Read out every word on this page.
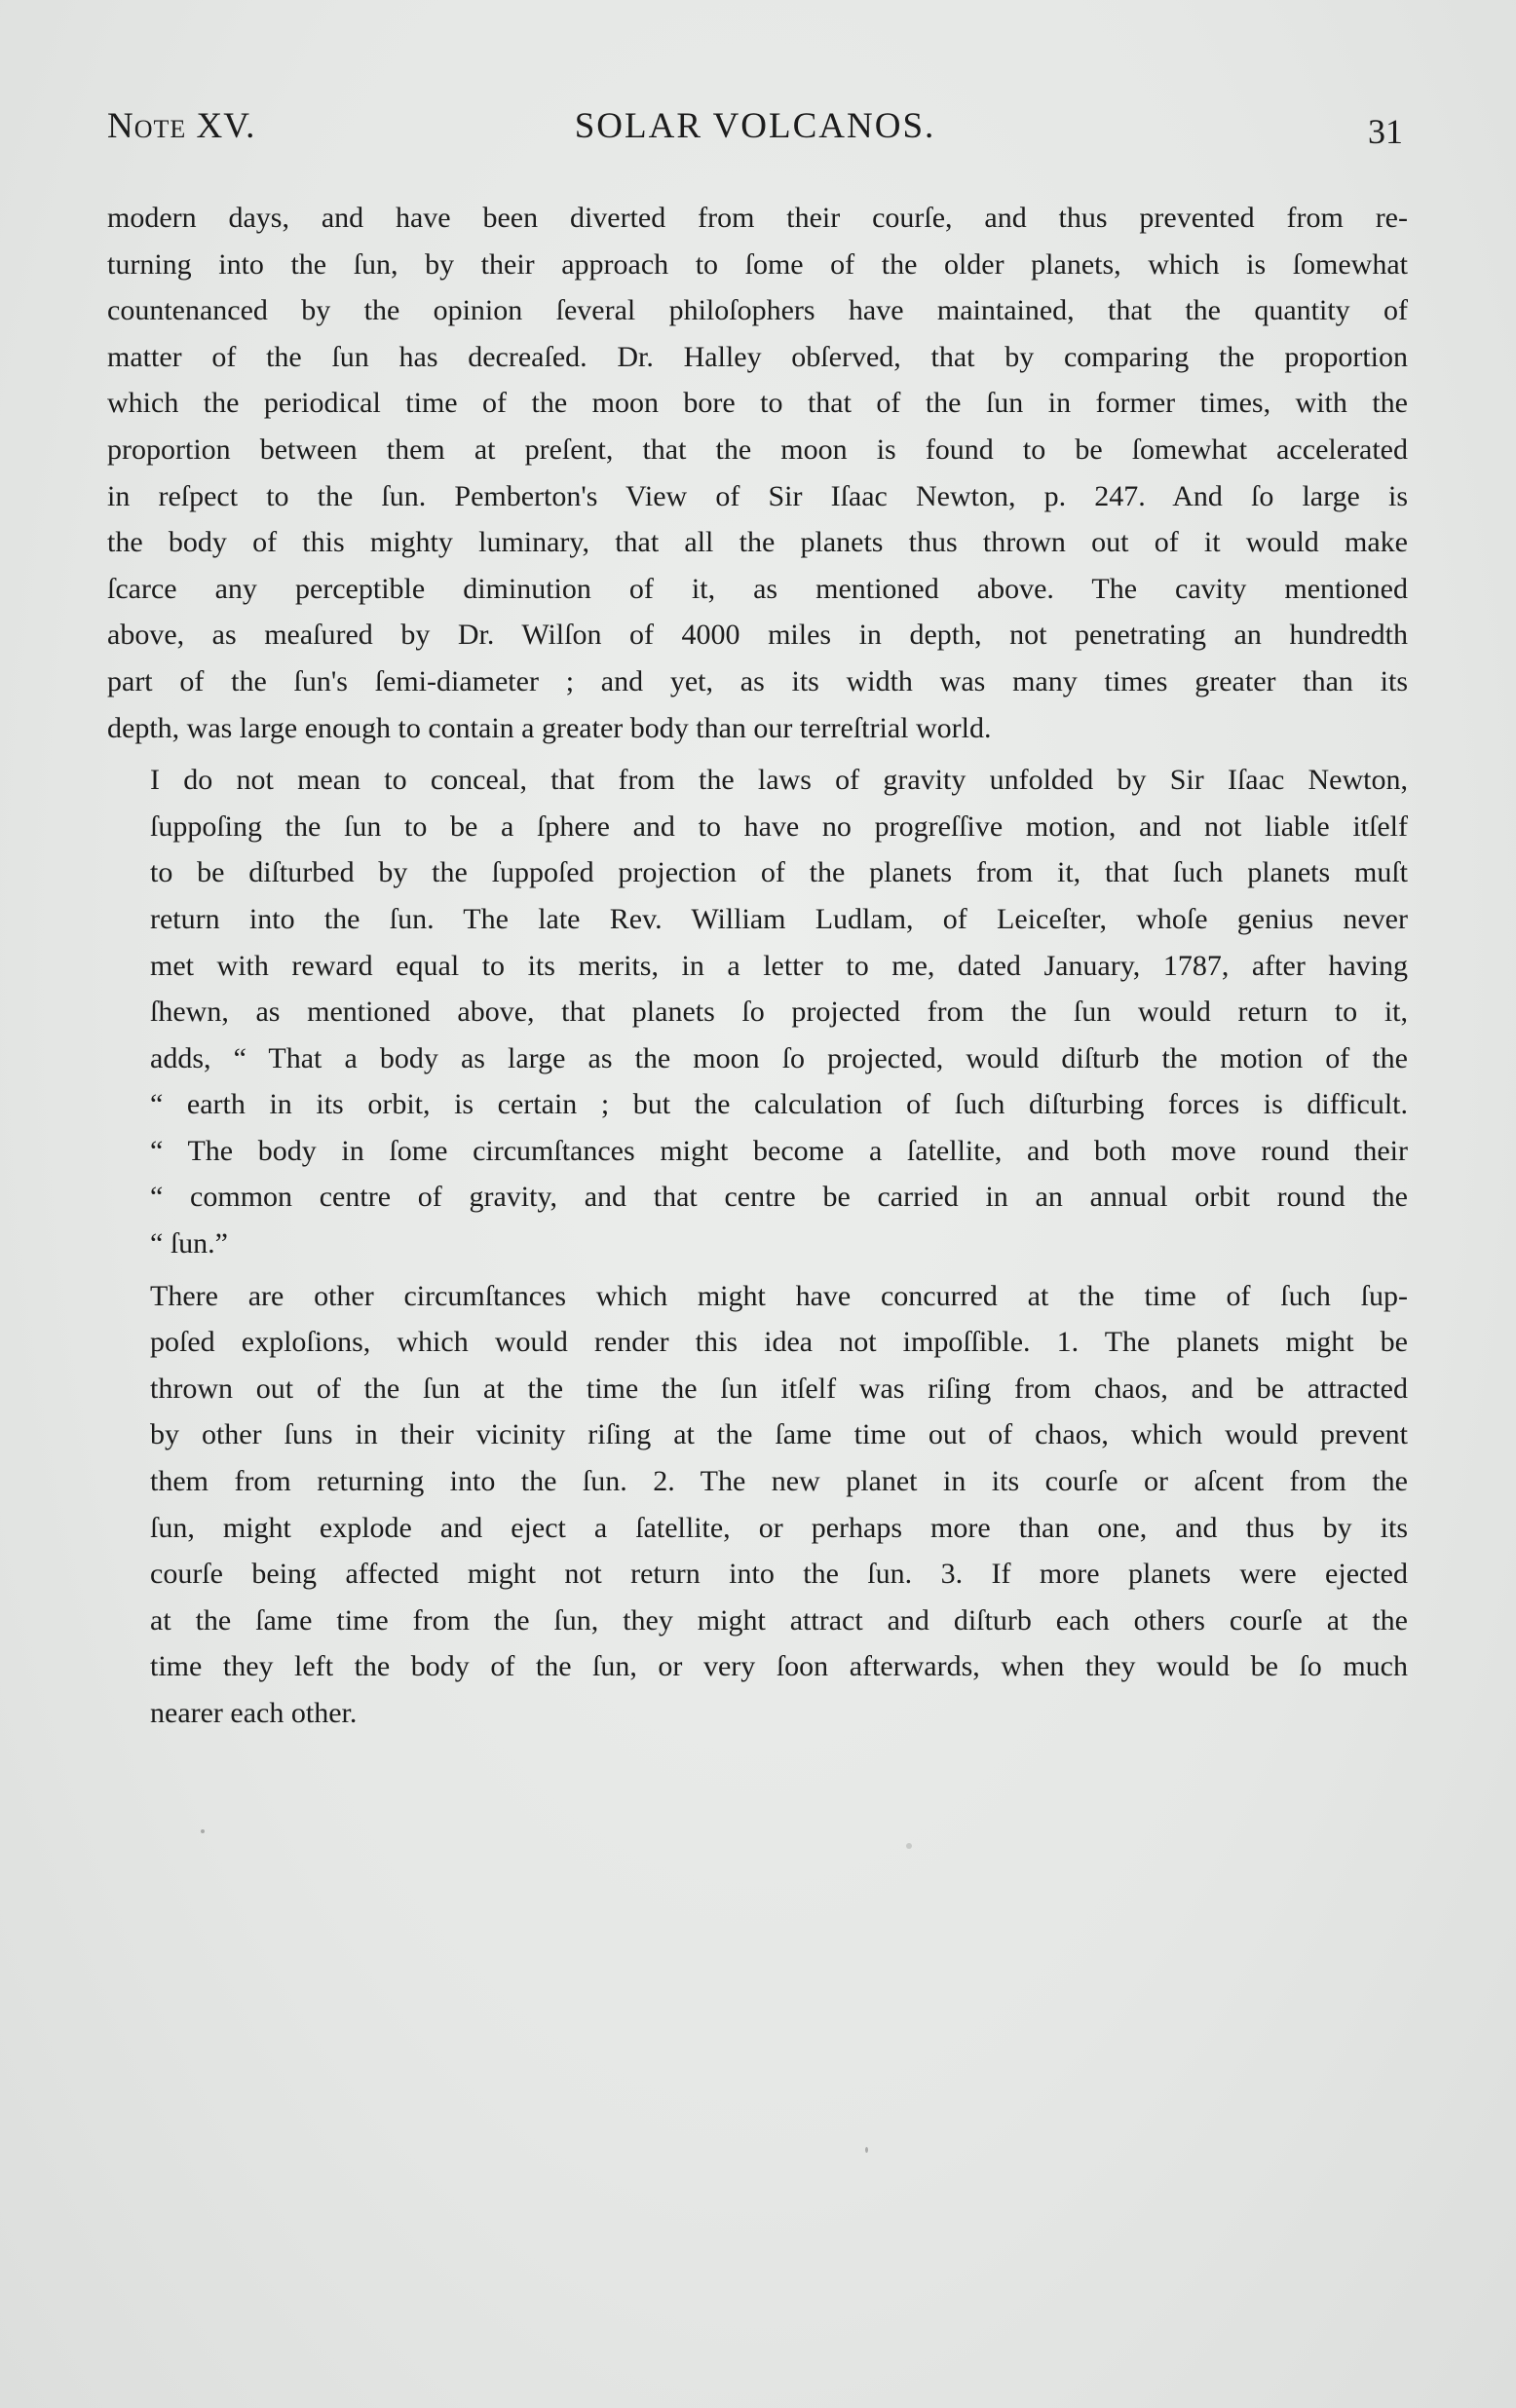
Note XV.	SOLAR VOLCANOS.	31

modern days, and have been diverted from their courſe, and thus prevented from re-
turning into the ſun, by their approach to ſome of the older planets, which is ſomewhat
countenanced by the opinion ſeveral philoſophers have maintained, that the quantity of
matter of the ſun has decreaſed. Dr. Halley obſerved, that by comparing the proportion
which the periodical time of the moon bore to that of the ſun in former times, with the
proportion between them at preſent, that the moon is found to be ſomewhat accelerated
in reſpect to the ſun. Pemberton's View of Sir Iſaac Newton, p. 247. And ſo large is
the body of this mighty luminary, that all the planets thus thrown out of it would make
ſcarce any perceptible diminution of it, as mentioned above. The cavity mentioned
above, as meaſured by Dr. Wilſon of 4000 miles in depth, not penetrating an hundredth
part of the ſun's ſemi-diameter ; and yet, as its width was many times greater than its
depth, was large enough to contain a greater body than our terreſtrial world.

I do not mean to conceal, that from the laws of gravity unfolded by Sir Iſaac Newton,
ſuppoſing the ſun to be a ſphere and to have no progreſſive motion, and not liable itſelf
to be diſturbed by the ſuppoſed projection of the planets from it, that ſuch planets muſt
return into the ſun. The late Rev. William Ludlam, of Leiceſter, whoſe genius never
met with reward equal to its merits, in a letter to me, dated January, 1787, after having
ſhewn, as mentioned above, that planets ſo projected from the ſun would return to it,
adds, “ That a body as large as the moon ſo projected, would diſturb the motion of the
“ earth in its orbit, is certain ; but the calculation of ſuch diſturbing forces is difficult.
“ The body in ſome circumſtances might become a ſatellite, and both move round their
“ common centre of gravity, and that centre be carried in an annual orbit round the
“ ſun.”

There are other circumſtances which might have concurred at the time of ſuch ſup-
poſed exploſions, which would render this idea not impoſſible. 1. The planets might be
thrown out of the ſun at the time the ſun itſelf was riſing from chaos, and be attracted
by other ſuns in their vicinity riſing at the ſame time out of chaos, which would prevent
them from returning into the ſun. 2. The new planet in its courſe or aſcent from the
ſun, might explode and eject a ſatellite, or perhaps more than one, and thus by its
courſe being affected might not return into the ſun. 3. If more planets were ejected
at the ſame time from the ſun, they might attract and diſturb each others courſe at the
time they left the body of the ſun, or very ſoon afterwards, when they would be ſo much
nearer each other.
